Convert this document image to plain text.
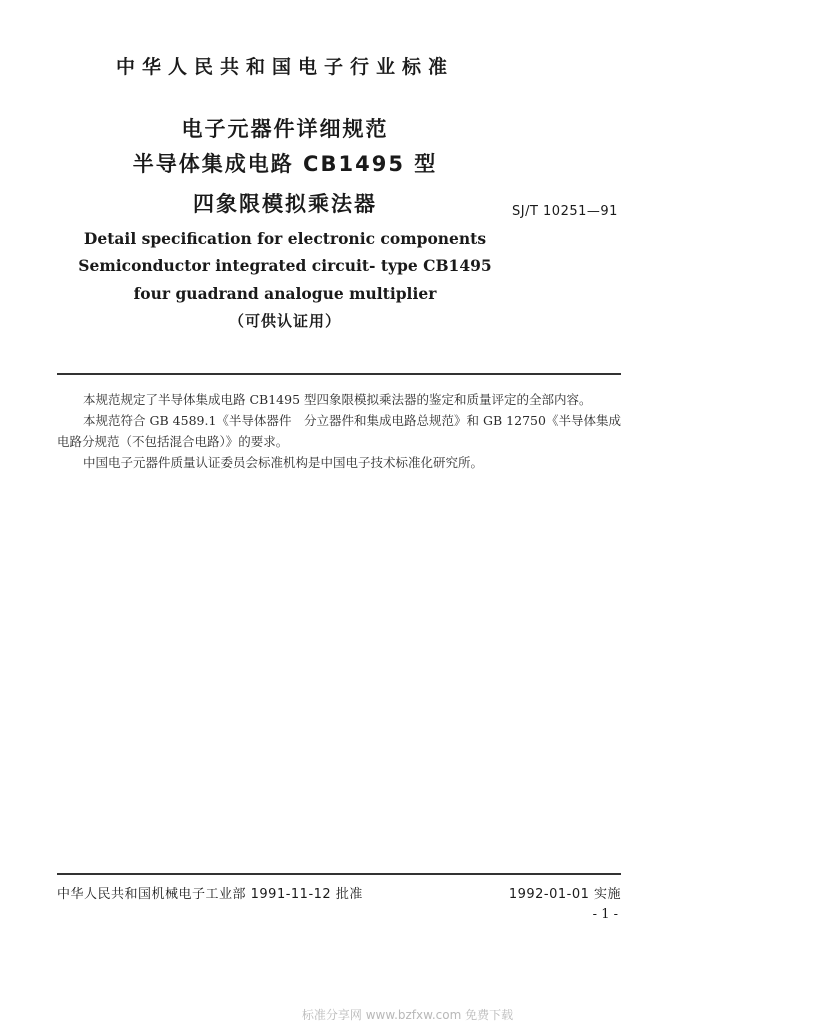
中华人民共和国电子行业标准
电子元器件详细规范
半导体集成电路 CB1495 型
四象限模拟乘法器	SJ/T 10251—91
Detail specification for electronic components
Semiconductor integrated circuit- type CB1495
four guadrand analogue multiplier
（可供认证用）

本规范规定了半导体集成电路 CB1495 型四象限模拟乘法器的鉴定和质量评定的全部内容。

本规范符合 GB 4589.1《半导体器件　分立器件和集成电路总规范》和 GB 12750《半导体集成电路分规范（不包括混合电路）》的要求。

中国电子元器件质量认证委员会标准机构是中国电子技术标准化研究所。

中华人民共和国机械电子工业部 1991-11-12 批准	1992-01-01 实施
- 1 -
标准分享网 www.bzfxw.com 免费下载
